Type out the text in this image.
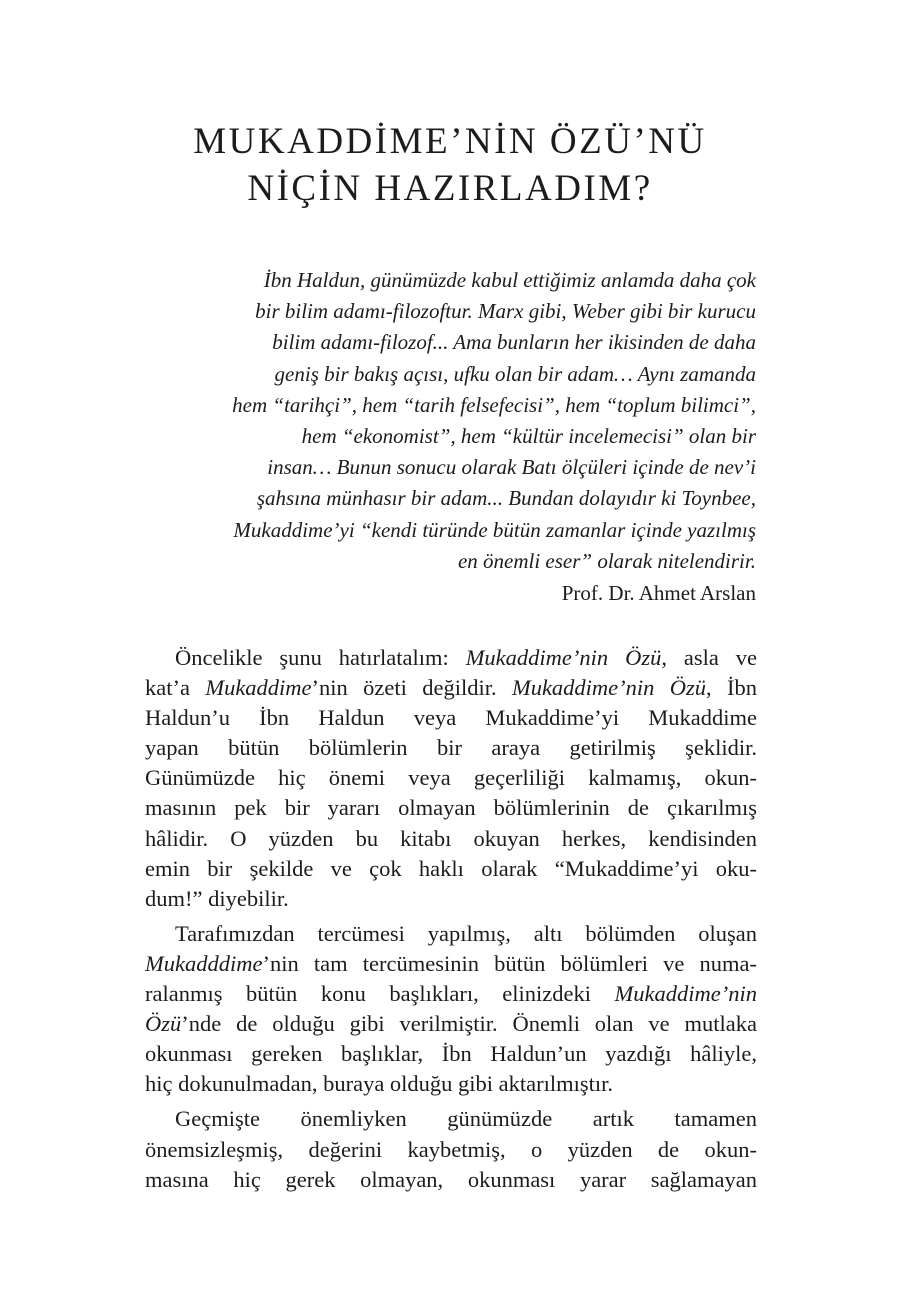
MUKADDİME’NİN ÖZÜ’NÜ
NİÇİN HAZIRLADIM?
İbn Haldun, günümüzde kabul ettiğimiz anlamda daha çok
bir bilim adamı-filozoftur. Marx gibi, Weber gibi bir kurucu
bilim adamı-filozof... Ama bunların her ikisinden de daha
geniş bir bakış açısı, ufku olan bir adam… Aynı zamanda
hem “tarihçi”, hem “tarih felsefecisi”, hem “toplum bilimci”,
hem “ekonomist”, hem “kültür incelemecisi” olan bir
insan… Bunun sonucu olarak Batı ölçüleri içinde de nev’i
şahsına münhasır bir adam... Bundan dolayıdır ki Toynbee,
Mukaddime’yi “kendi türünde bütün zamanlar içinde yazılmış
en önemli eser” olarak nitelendirir.
Prof. Dr. Ahmet Arslan
Öncelikle şunu hatırlatalım: Mukaddime’nin Özü, asla ve
kat’a Mukaddime’nin özeti değildir. Mukaddime’nin Özü, İbn
Haldun’u İbn Haldun veya Mukaddime’yi Mukaddime
yapan bütün bölümlerin bir araya getirilmiş şeklidir.
Günümüzde hiç önemi veya geçerliliği kalmamış, okun-
masının pek bir yararı olmayan bölümlerinin de çıkarılmış
hâlidir. O yüzden bu kitabı okuyan herkes, kendisinden
emin bir şekilde ve çok haklı olarak “Mukaddime’yi oku-
dum!” diyebilir.
Tarafımızdan tercümesi yapılmış, altı bölümden oluşan
Mukadddime’nin tam tercümesinin bütün bölümleri ve numa-
ralanmış bütün konu başlıkları, elinizdeki Mukaddime’nin
Özü’nde de olduğu gibi verilmiştir. Önemli olan ve mutlaka
okunması gereken başlıklar, İbn Haldun’un yazdığı hâliyle,
hiç dokunulmadan, buraya olduğu gibi aktarılmıştır.
Geçmişte önemliyken günümüzde artık tamamen
önemsizleşmiş, değerini kaybetmiş, o yüzden de okun-
masına hiç gerek olmayan, okunması yarar sağlamayan
